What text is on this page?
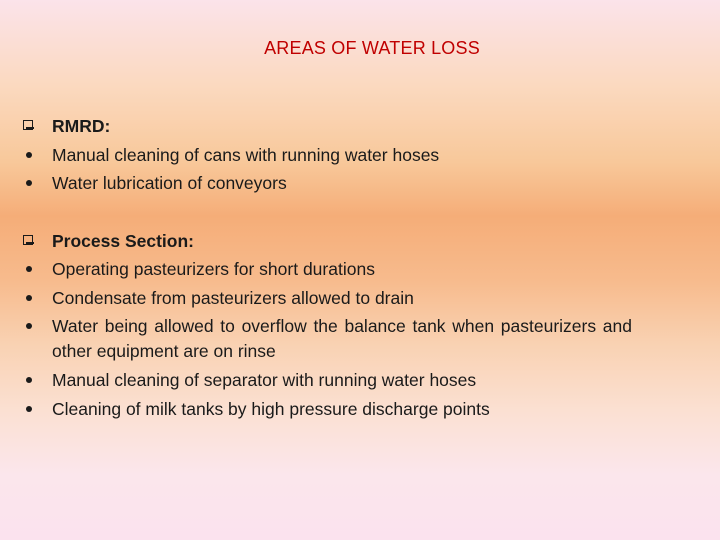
AREAS OF WATER LOSS
RMRD:
Manual cleaning of cans with running water hoses
Water lubrication of conveyors
Process Section:
Operating pasteurizers for short durations
Condensate from pasteurizers allowed to drain
Water being allowed to overflow the balance tank when pasteurizers and other equipment are on rinse
Manual cleaning of separator with running water hoses
Cleaning of milk tanks by high pressure discharge points
